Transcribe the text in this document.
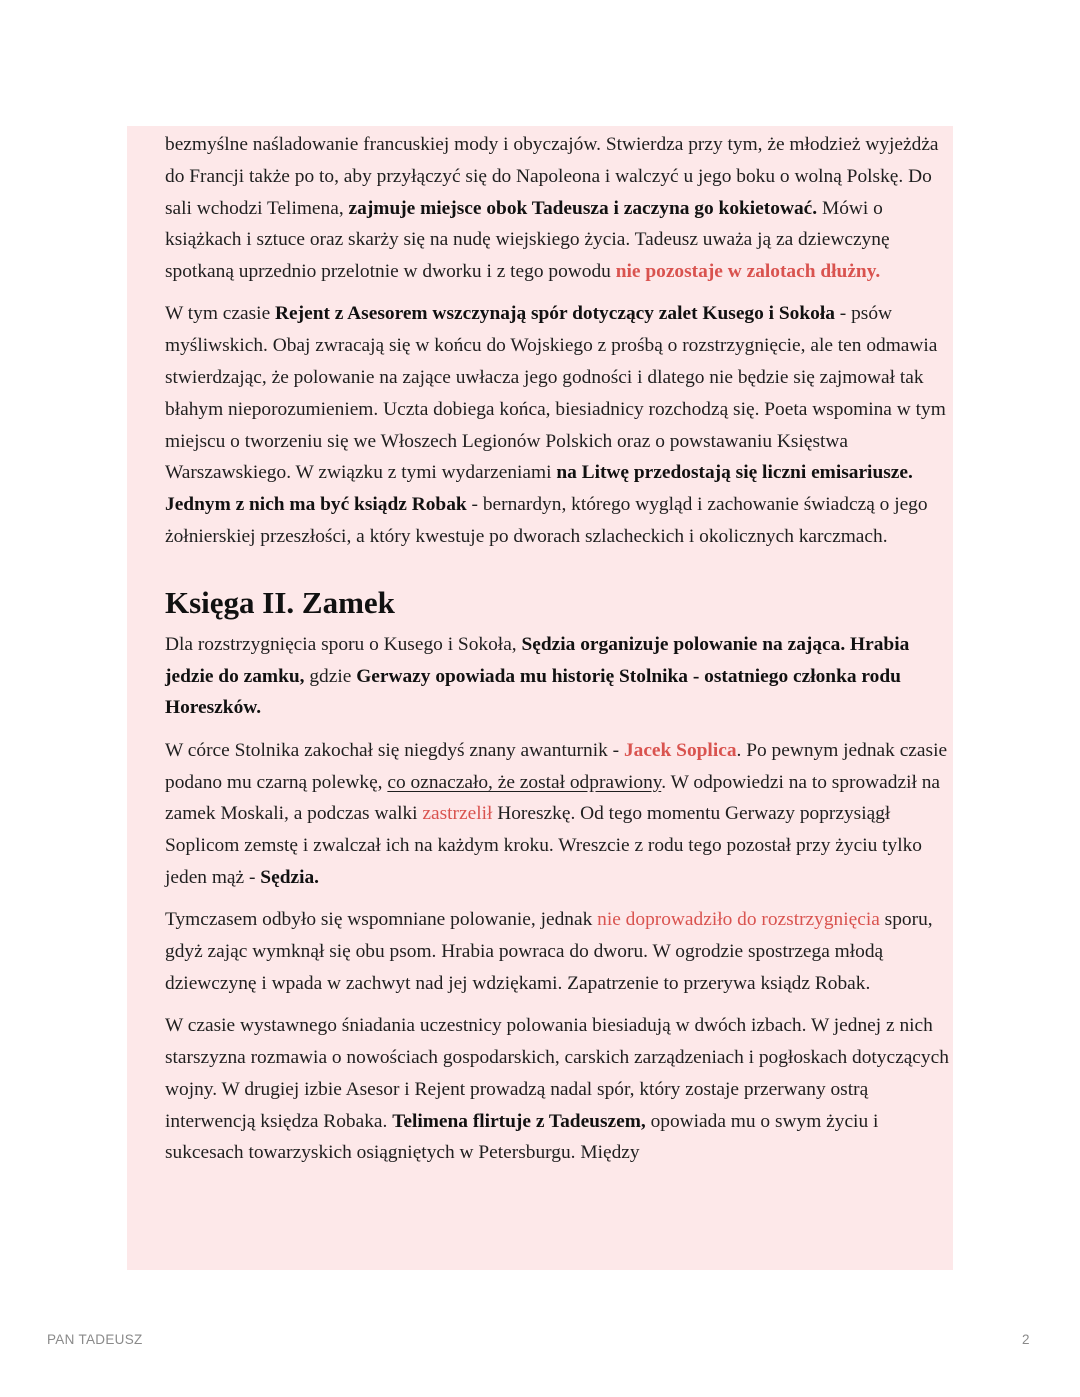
bezmyślne naśladowanie francuskiej mody i obyczajów. Stwierdza przy tym, że młodzież wyjeżdża do Francji także po to, aby przyłączyć się do Napoleona i walczyć u jego boku o wolną Polskę. Do sali wchodzi Telimena, zajmuje miejsce obok Tadeusza i zaczyna go kokietować. Mówi o książkach i sztuce oraz skarży się na nudę wiejskiego życia. Tadeusz uważa ją za dziewczynę spotkaną uprzednio przelotnie w dworku i z tego powodu nie pozostaje w zalotach dłużny.

W tym czasie Rejent z Asesorem wszczynają spór dotyczący zalet Kusego i Sokoła - psów myśliwskich. Obaj zwracają się w końcu do Wojskiego z prośbą o rozstrzygnięcie, ale ten odmawia stwierdzając, że polowanie na zające uwłacza jego godności i dlatego nie będzie się zajmował tak błahym nieporozumieniem. Uczta dobiega końca, biesiadnicy rozchodzą się. Poeta wspomina w tym miejscu o tworzeniu się we Włoszech Legionów Polskich oraz o powstawaniu Księstwa Warszawskiego. W związku z tymi wydarzeniami na Litwę przedostają się liczni emisariusze. Jednym z nich ma być ksiądz Robak - bernardyn, którego wygląd i zachowanie świadczą o jego żołnierskiej przeszłości, a który kwestuje po dworach szlacheckich i okolicznych karczmach.

Księga II. Zamek

Dla rozstrzygnięcia sporu o Kusego i Sokoła, Sędzia organizuje polowanie na zająca. Hrabia jedzie do zamku, gdzie Gerwazy opowiada mu historię Stolnika - ostatniego członka rodu Horeszków.

W córce Stolnika zakochał się niegdyś znany awanturnik - Jacek Soplica. Po pewnym jednak czasie podano mu czarną polewkę, co oznaczało, że został odprawiony. W odpowiedzi na to sprowadził na zamek Moskali, a podczas walki zastrzelił Horeszkę. Od tego momentu Gerwazy poprzysiągł Soplicom zemstę i zwalczał ich na każdym kroku. Wreszcie z rodu tego pozostał przy życiu tylko jeden mąż - Sędzia.

Tymczasem odbyło się wspomniane polowanie, jednak nie doprowadziło do rozstrzygnięcia sporu, gdyż zając wymknął się obu psom. Hrabia powraca do dworu. W ogrodzie spostrzega młodą dziewczynę i wpada w zachwyt nad jej wdziękami. Zapatrzenie to przerywa ksiądz Robak.

W czasie wystawnego śniadania uczestnicy polowania biesiadują w dwóch izbach. W jednej z nich starszyzna rozmawia o nowościach gospodarskich, carskich zarządzeniach i pogłoskach dotyczących wojny. W drugiej izbie Asesor i Rejent prowadzą nadal spór, który zostaje przerwany ostrą interwencją księdza Robaka. Telimena flirtuje z Tadeuszem, opowiada mu o swym życiu i sukcesach towarzyskich osiągniętych w Petersburgu. Między

PAN TADEUSZ	2
